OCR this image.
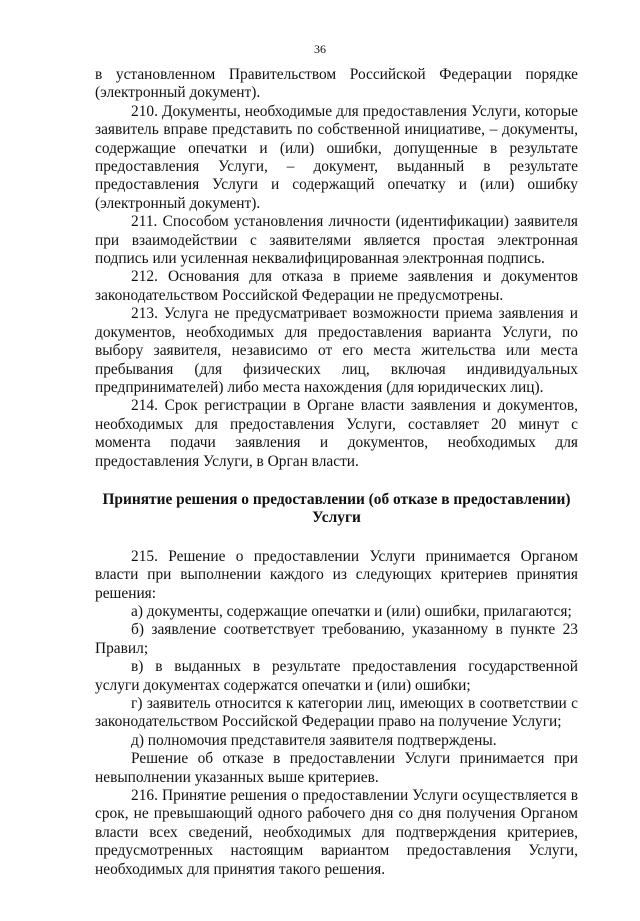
36

в установленном Правительством Российской Федерации порядке (электронный документ).

210. Документы, необходимые для предоставления Услуги, которые заявитель вправе представить по собственной инициативе, – документы, содержащие опечатки и (или) ошибки, допущенные в результате предоставления Услуги, – документ, выданный в результате предоставления Услуги и содержащий опечатку и (или) ошибку (электронный документ).

211. Способом установления личности (идентификации) заявителя при взаимодействии с заявителями является простая электронная подпись или усиленная неквалифицированная электронная подпись.

212. Основания для отказа в приеме заявления и документов законодательством Российской Федерации не предусмотрены.

213. Услуга не предусматривает возможности приема заявления и документов, необходимых для предоставления варианта Услуги, по выбору заявителя, независимо от его места жительства или места пребывания (для физических лиц, включая индивидуальных предпринимателей) либо места нахождения (для юридических лиц).

214. Срок регистрации в Органе власти заявления и документов, необходимых для предоставления Услуги, составляет 20 минут с момента подачи заявления и документов, необходимых для предоставления Услуги, в Орган власти.

Принятие решения о предоставлении (об отказе в предоставлении) Услуги

215. Решение о предоставлении Услуги принимается Органом власти при выполнении каждого из следующих критериев принятия решения:

а) документы, содержащие опечатки и (или) ошибки, прилагаются;

б) заявление соответствует требованию, указанному в пункте 23 Правил;

в) в выданных в результате предоставления государственной услуги документах содержатся опечатки и (или) ошибки;

г) заявитель относится к категории лиц, имеющих в соответствии с законодательством Российской Федерации право на получение Услуги;

д) полномочия представителя заявителя подтверждены.

Решение об отказе в предоставлении Услуги принимается при невыполнении указанных выше критериев.

216. Принятие решения о предоставлении Услуги осуществляется в срок, не превышающий одного рабочего дня со дня получения Органом власти всех сведений, необходимых для подтверждения критериев, предусмотренных настоящим вариантом предоставления Услуги, необходимых для принятия такого решения.
